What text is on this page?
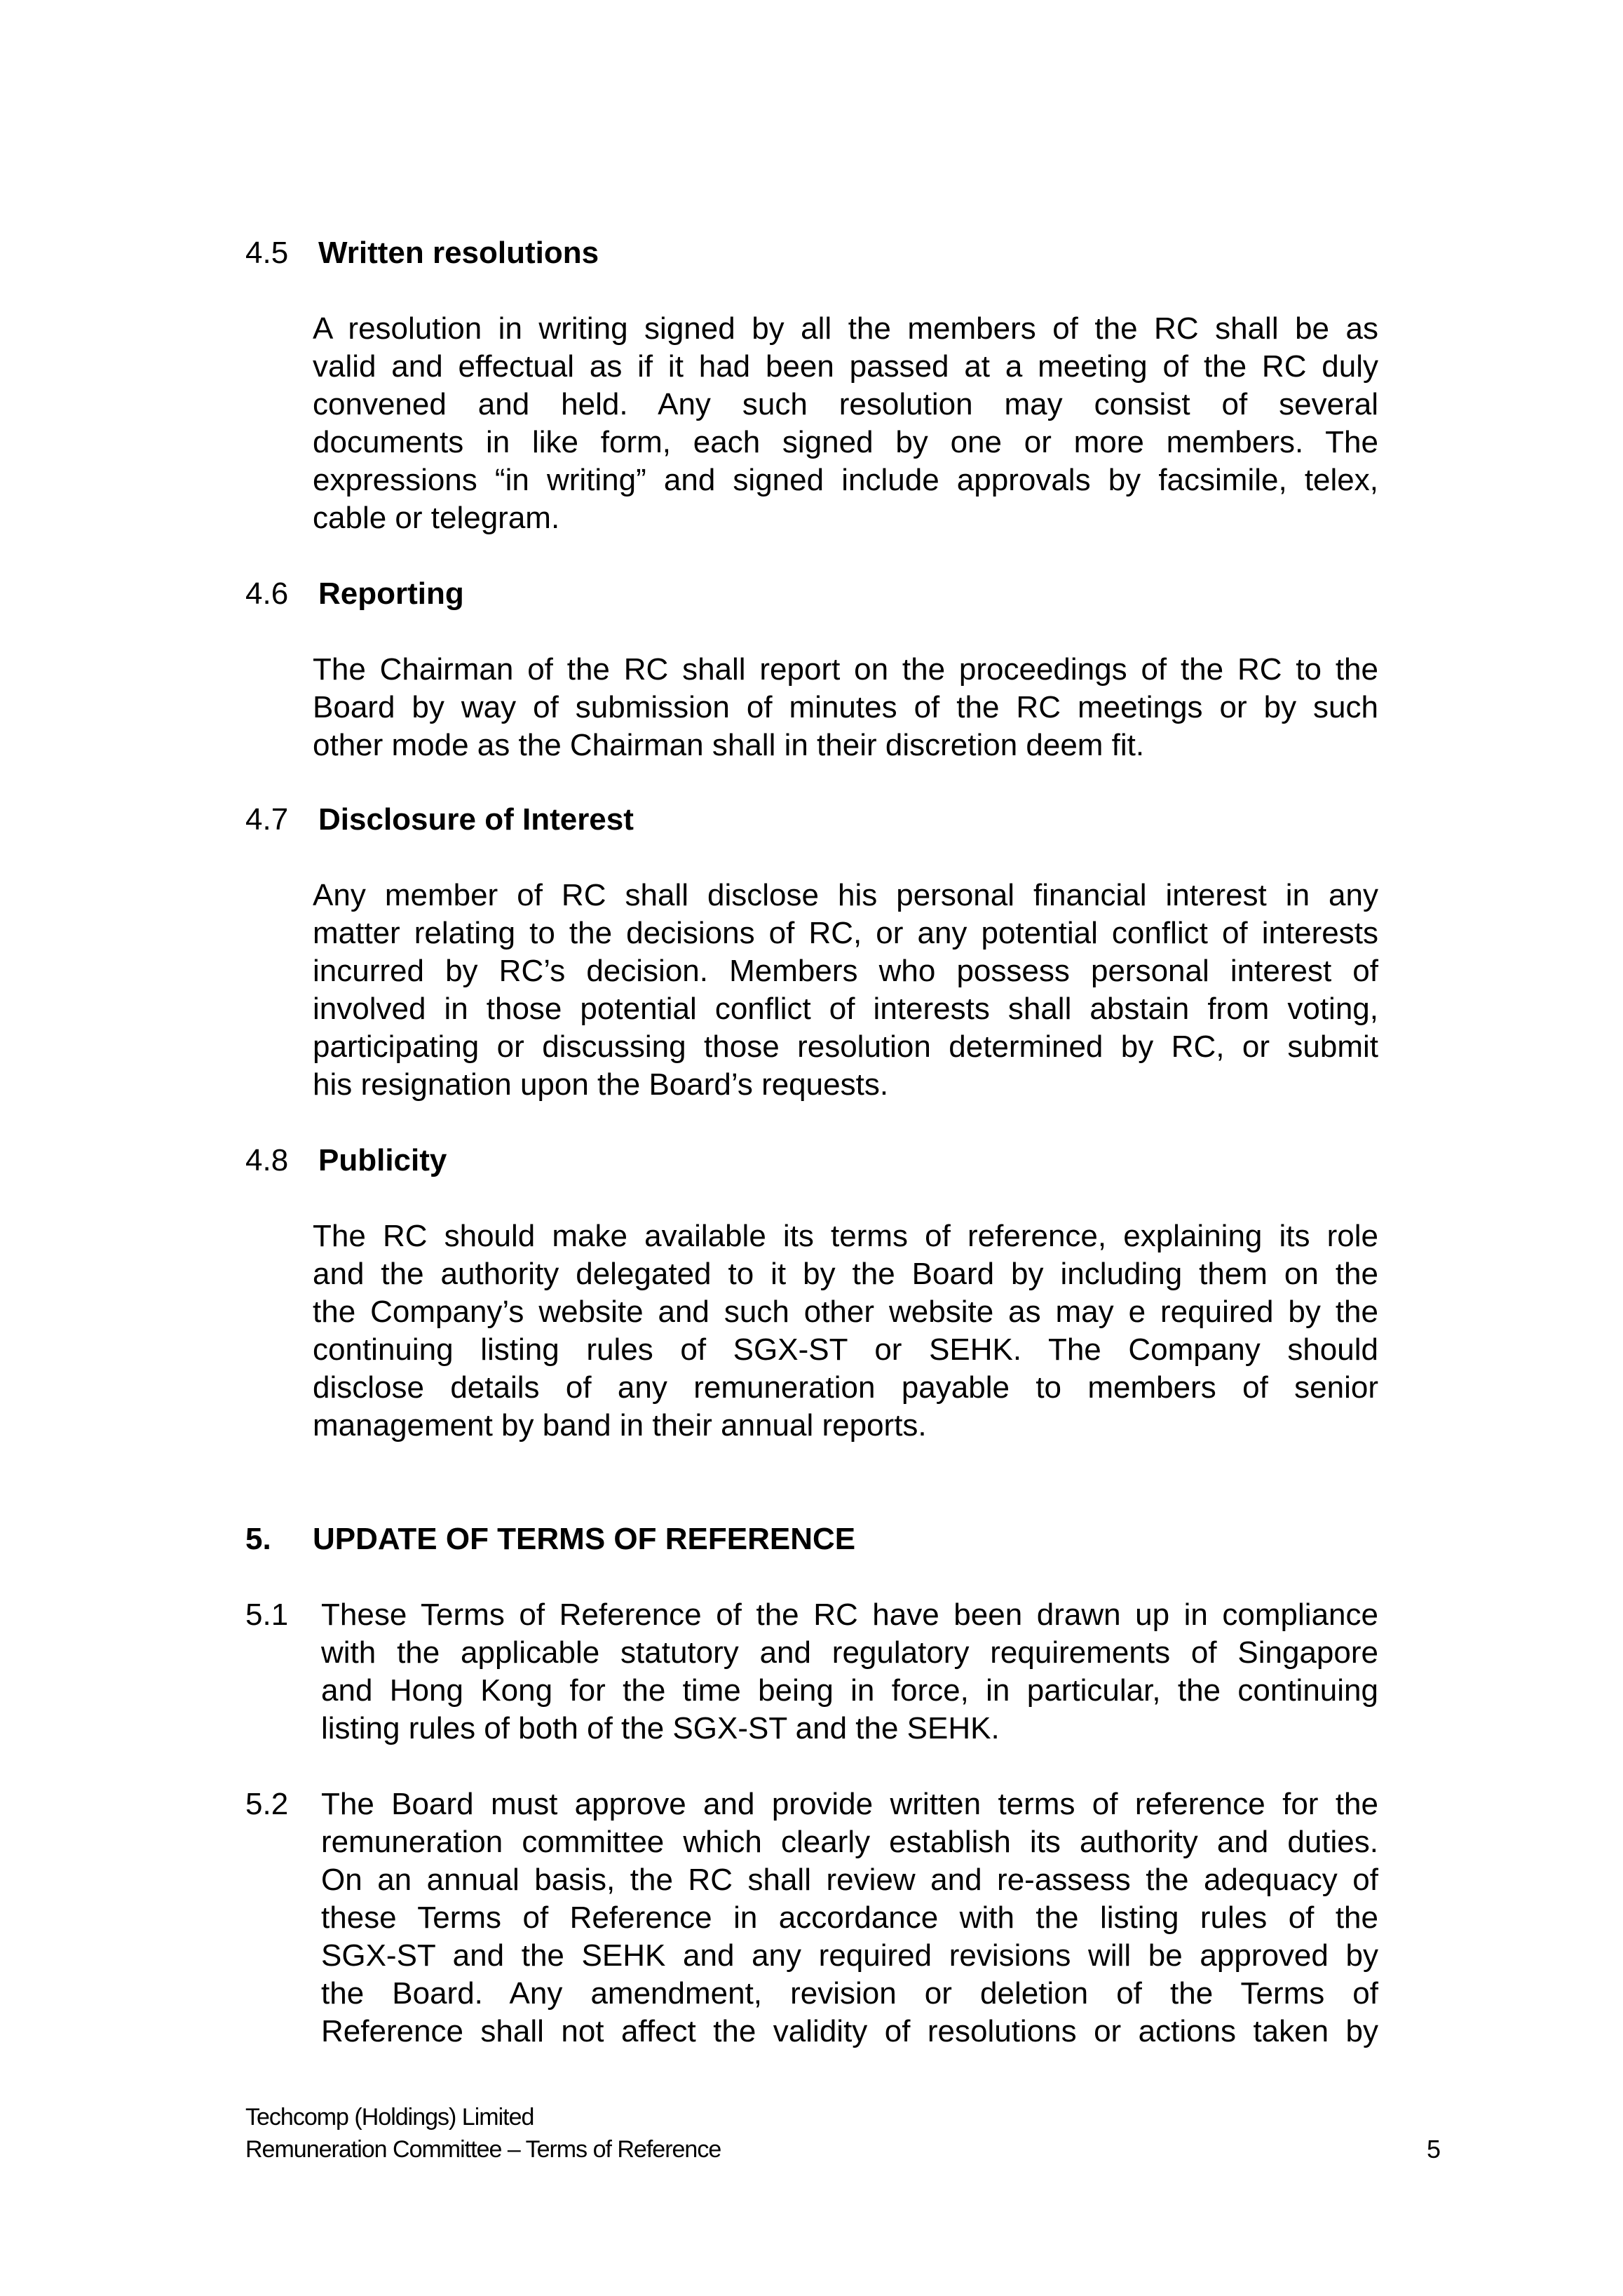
4.5 Written resolutions
A resolution in writing signed by all the members of the RC shall be as
valid and effectual as if it had been passed at a meeting of the RC duly
convened and held. Any such resolution may consist of several
documents in like form, each signed by one or more members. The
expressions “in writing” and signed include approvals by facsimile, telex,
cable or telegram.
4.6 Reporting
The Chairman of the RC shall report on the proceedings of the RC to the
Board by way of submission of minutes of the RC meetings or by such
other mode as the Chairman shall in their discretion deem fit.
4.7 Disclosure of Interest
Any member of RC shall disclose his personal financial interest in any
matter relating to the decisions of RC, or any potential conflict of interests
incurred by RC’s decision. Members who possess personal interest of
involved in those potential conflict of interests shall abstain from voting,
participating or discussing those resolution determined by RC, or submit
his resignation upon the Board’s requests.
4.8 Publicity
The RC should make available its terms of reference, explaining its role
and the authority delegated to it by the Board by including them on the
the Company’s website and such other website as may e required by the
continuing listing rules of SGX-ST or SEHK. The Company should
disclose details of any remuneration payable to members of senior
management by band in their annual reports.
5. UPDATE OF TERMS OF REFERENCE
5.1 These Terms of Reference of the RC have been drawn up in compliance
with the applicable statutory and regulatory requirements of Singapore
and Hong Kong for the time being in force, in particular, the continuing
listing rules of both of the SGX-ST and the SEHK.
5.2 The Board must approve and provide written terms of reference for the
remuneration committee which clearly establish its authority and duties.
On an annual basis, the RC shall review and re-assess the adequacy of
these Terms of Reference in accordance with the listing rules of the
SGX-ST and the SEHK and any required revisions will be approved by
the Board. Any amendment, revision or deletion of the Terms of
Reference shall not affect the validity of resolutions or actions taken by
Techcomp (Holdings) Limited
Remuneration Committee – Terms of Reference	5
